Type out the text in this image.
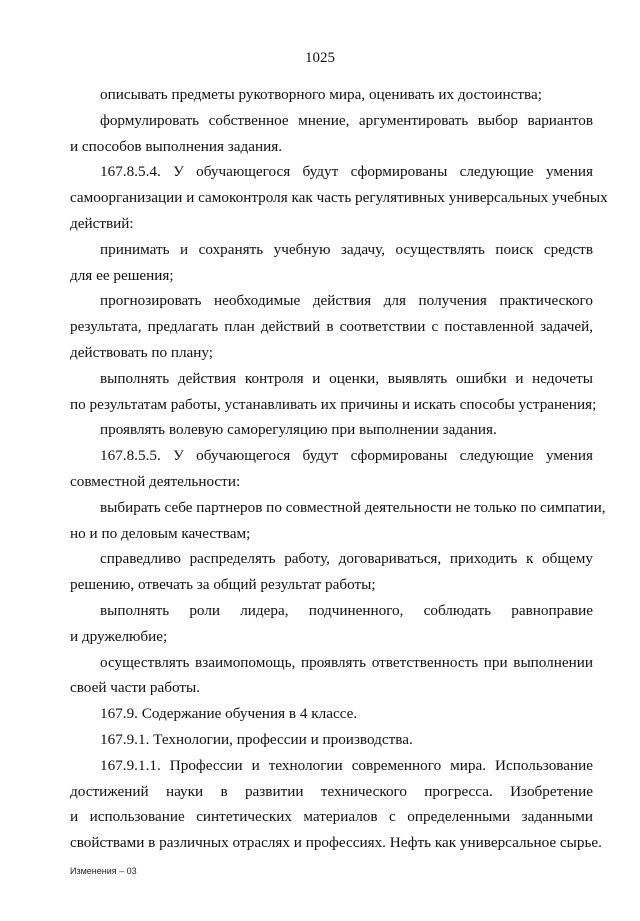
1025
описывать предметы рукотворного мира, оценивать их достоинства;
формулировать собственное мнение, аргументировать выбор вариантов
и способов выполнения задания.
167.8.5.4. У обучающегося будут сформированы следующие умения
самоорганизации и самоконтроля как часть регулятивных универсальных учебных
действий:
принимать и сохранять учебную задачу, осуществлять поиск средств
для ее решения;
прогнозировать необходимые действия для получения практического
результата, предлагать план действий в соответствии с поставленной задачей,
действовать по плану;
выполнять действия контроля и оценки, выявлять ошибки и недочеты
по результатам работы, устанавливать их причины и искать способы устранения;
проявлять волевую саморегуляцию при выполнении задания.
167.8.5.5. У обучающегося будут сформированы следующие умения
совместной деятельности:
выбирать себе партнеров по совместной деятельности не только по симпатии,
но и по деловым качествам;
справедливо распределять работу, договариваться, приходить к общему
решению, отвечать за общий результат работы;
выполнять роли лидера, подчиненного, соблюдать равноправие
и дружелюбие;
осуществлять взаимопомощь, проявлять ответственность при выполнении
своей части работы.
167.9. Содержание обучения в 4 классе.
167.9.1. Технологии, профессии и производства.
167.9.1.1. Профессии и технологии современного мира. Использование
достижений науки в развитии технического прогресса. Изобретение
и использование синтетических материалов с определенными заданными
свойствами в различных отраслях и профессиях. Нефть как универсальное сырье.
Изменения – 03
